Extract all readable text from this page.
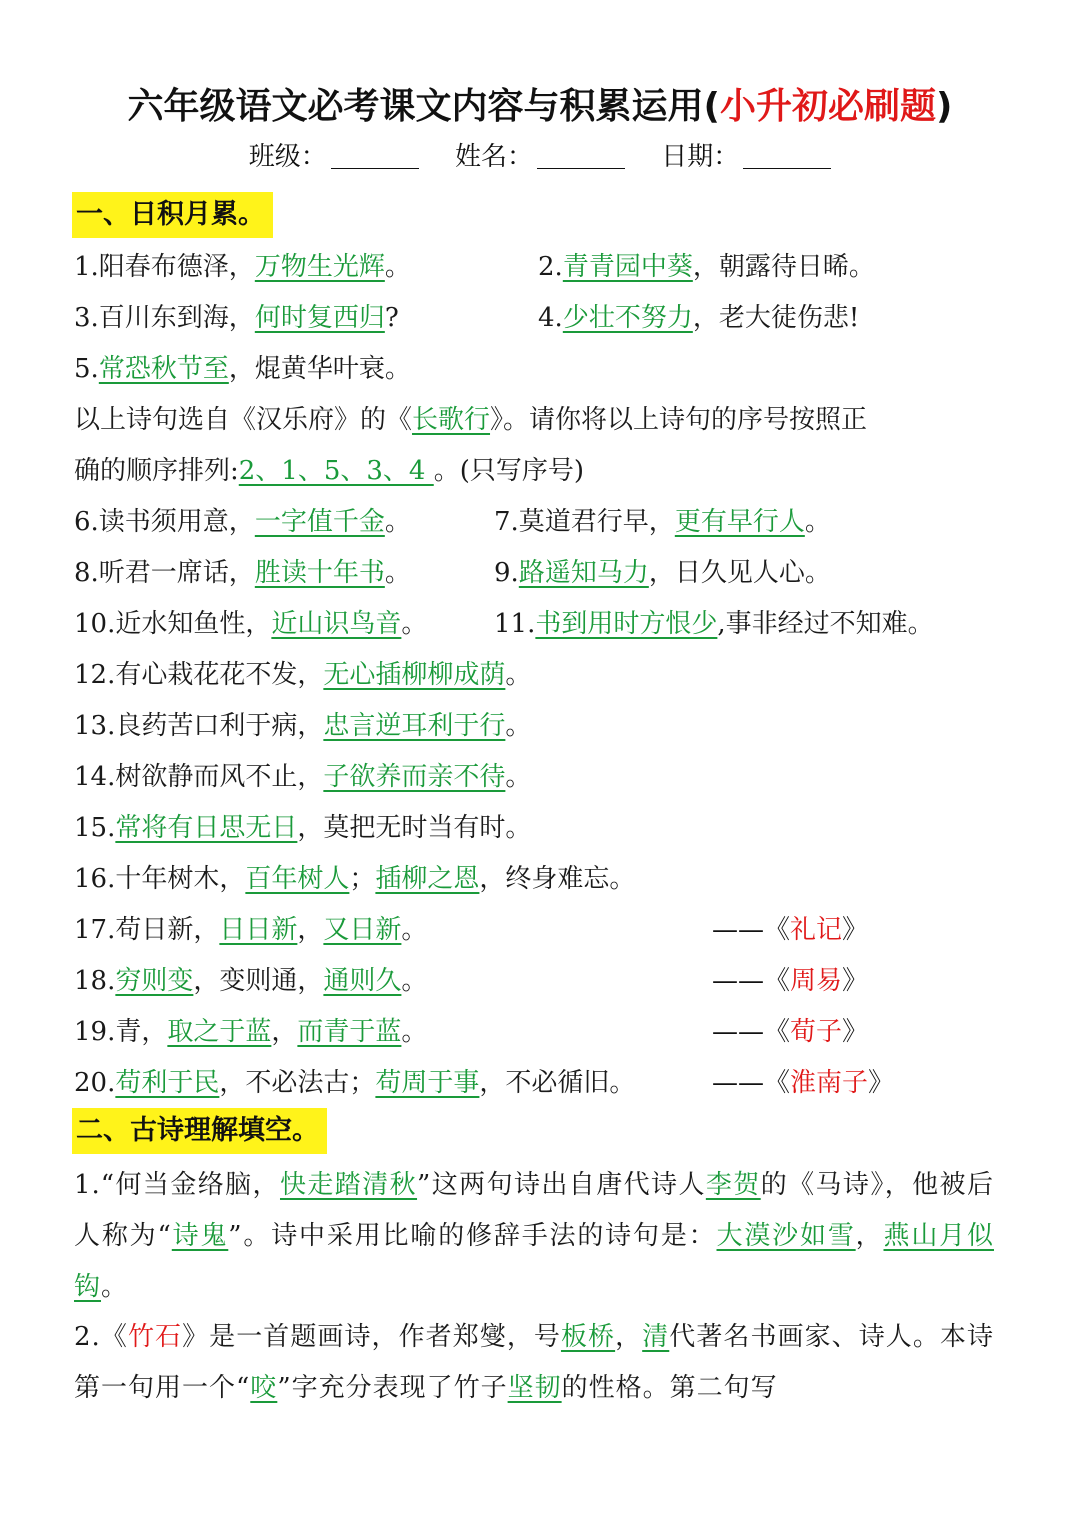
六年级语文必考课文内容与积累运用(小升初必刷题)
班级：	姓名：	日期：
一、日积月累。
1.阳春布德泽，万物生光辉。	2.青青园中葵，朝露待日晞。
3.百川东到海，何时复西归?	4.少壮不努力，老大徒伤悲!
5.常恐秋节至，焜黄华叶衰。
以上诗句选自《汉乐府》的《长歌行》。请你将以上诗句的序号按照正
确的顺序排列:2、1、5、3、4 。(只写序号)
6.读书须用意，一字值千金。	7.莫道君行早，更有早行人。
8.听君一席话，胜读十年书。	9.路遥知马力，日久见人心。
10.近水知鱼性，近山识鸟音。	11.书到用时方恨少,事非经过不知难。
12.有心栽花花不发，无心插柳柳成荫。
13.良药苦口利于病，忠言逆耳利于行。
14.树欲静而风不止，子欲养而亲不待。
15.常将有日思无日，莫把无时当有时。
16.十年树木，百年树人；插柳之恩，终身难忘。
17.苟日新，日日新，又日新。	——《礼记》
18.穷则变，变则通，通则久。	——《周易》
19.青，取之于蓝，而青于蓝。	——《荀子》
20.苟利于民，不必法古；苟周于事，不必循旧。	——《淮南子》
二、古诗理解填空。
1.“何当金络脑，快走踏清秋”这两句诗出自唐代诗人李贺的《马诗》，他被后人称为“诗鬼”。诗中采用比喻的修辞手法的诗句是：大漠沙如雪，燕山月似钩。
2.《竹石》是一首题画诗，作者郑燮，号板桥，清代著名书画家、诗人。本诗第一句用一个“咬”字充分表现了竹子坚韧的性格。第二句写
